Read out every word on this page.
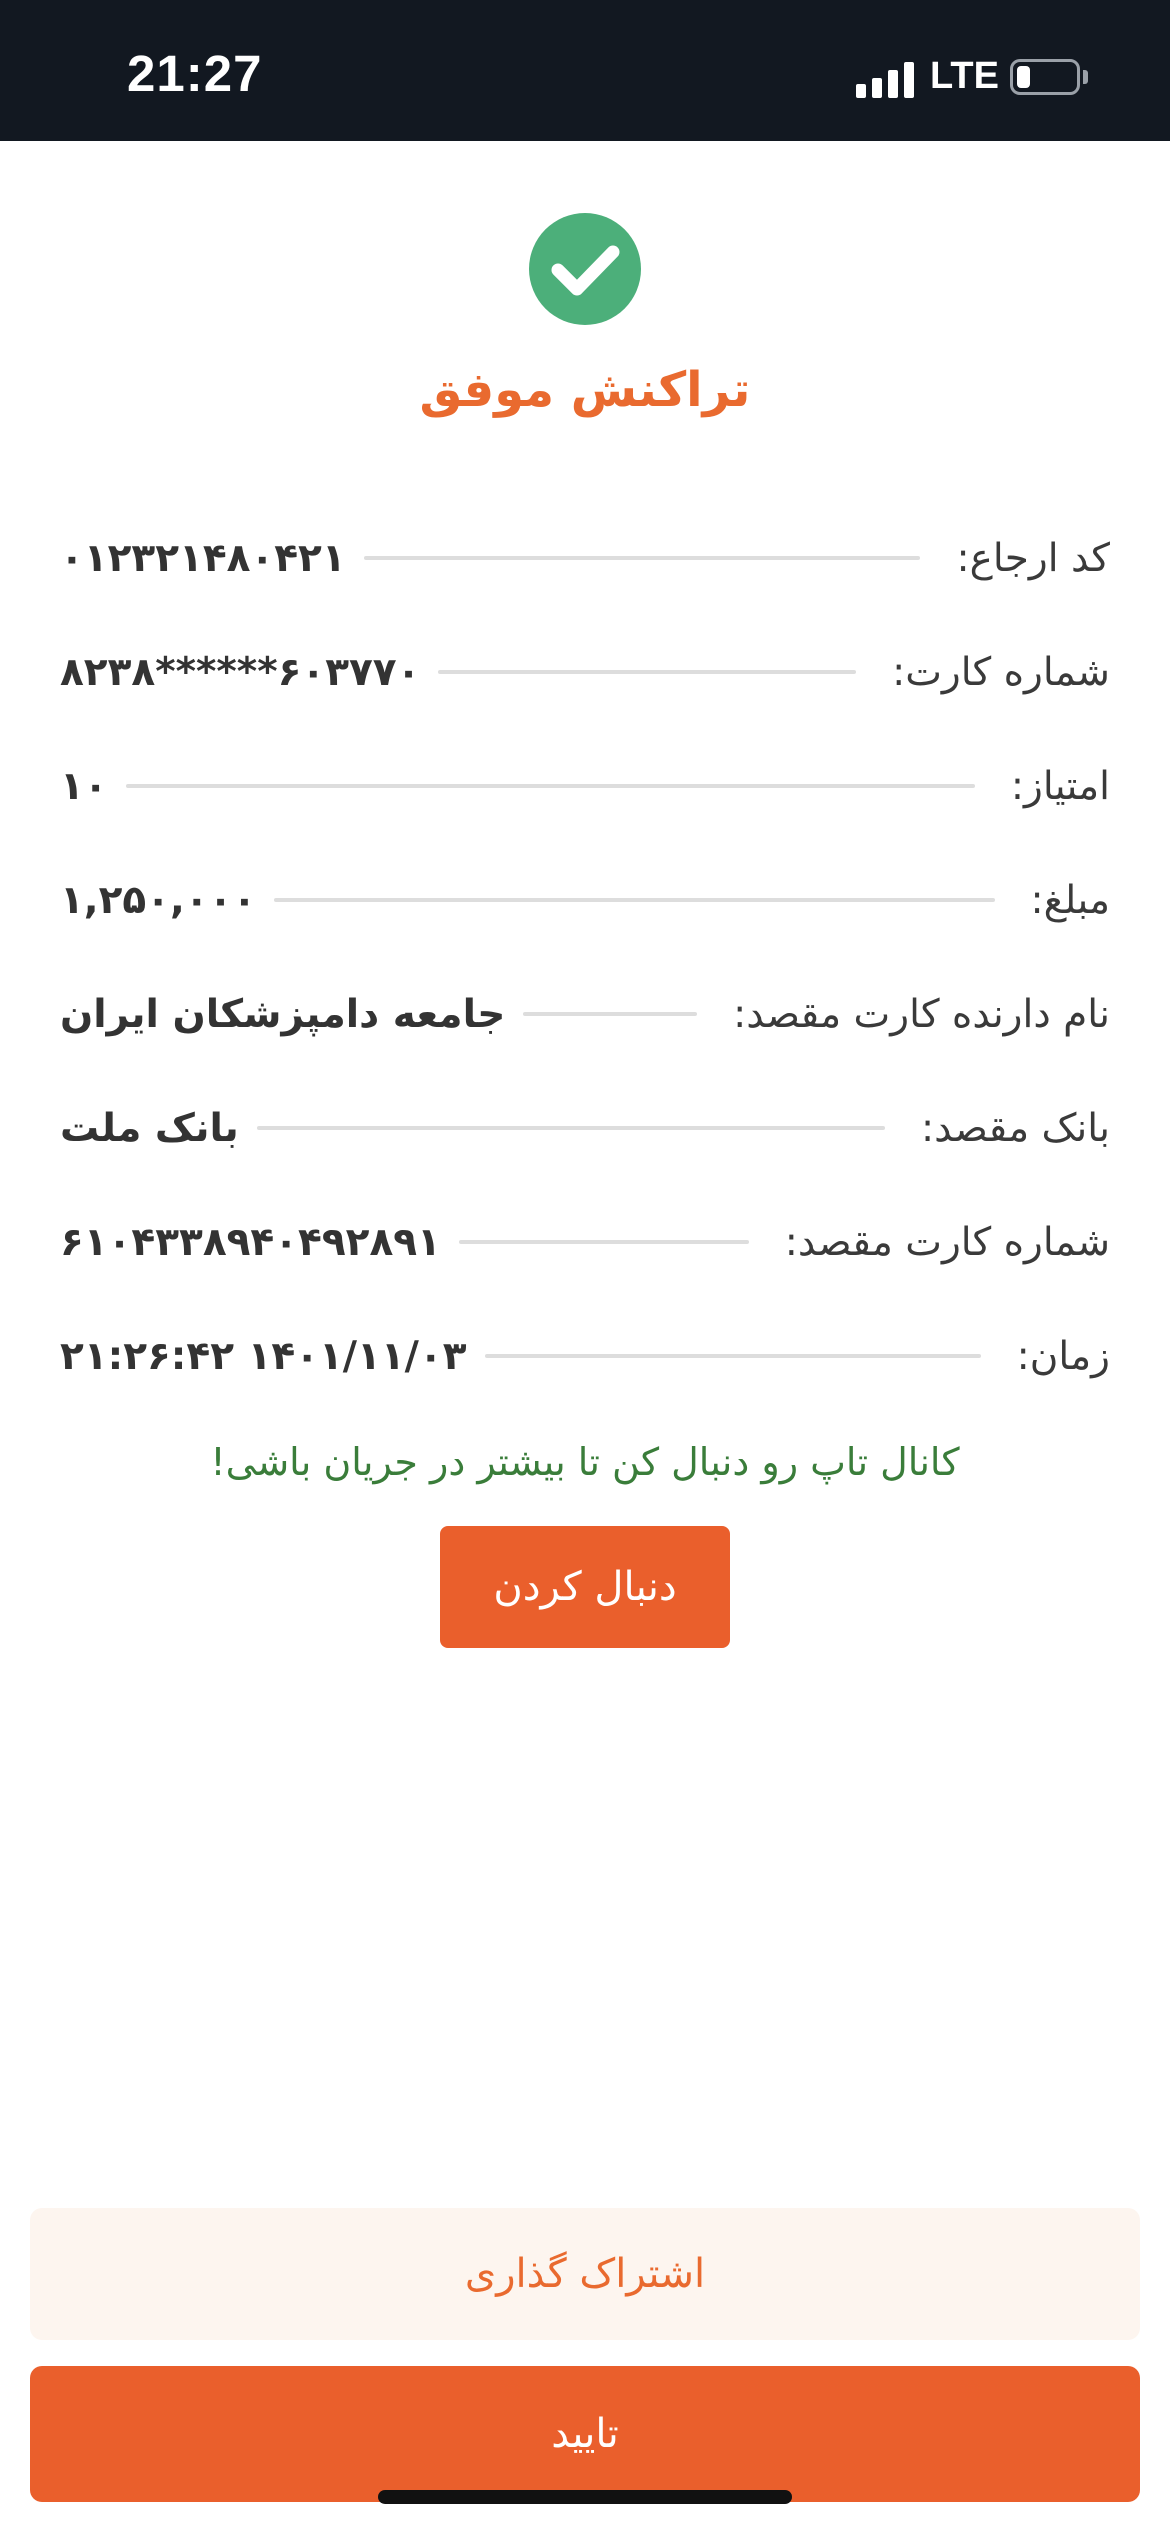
21:27	LTE
تراکنش موفق
کد ارجاع:
۰۱۲۳۲۱۴۸۰۴۲۱
شماره کارت:
۶۰۳۷۷۰******۸۲۳۸
امتیاز:
۱۰
مبلغ:
۱,۲۵۰,۰۰۰
نام دارنده کارت مقصد:
جامعه دامپزشکان ایران
بانک مقصد:
بانک ملت
شماره کارت مقصد:
۶۱۰۴۳۳۸۹۴۰۴۹۲۸۹۱
زمان:
۱۴۰۱/۱۱/۰۳ ۲۱:۲۶:۴۲
کانال تاپ رو دنبال کن تا بیشتر در جریان باشی!
دنبال کردن
اشتراک گذاری
تایید
